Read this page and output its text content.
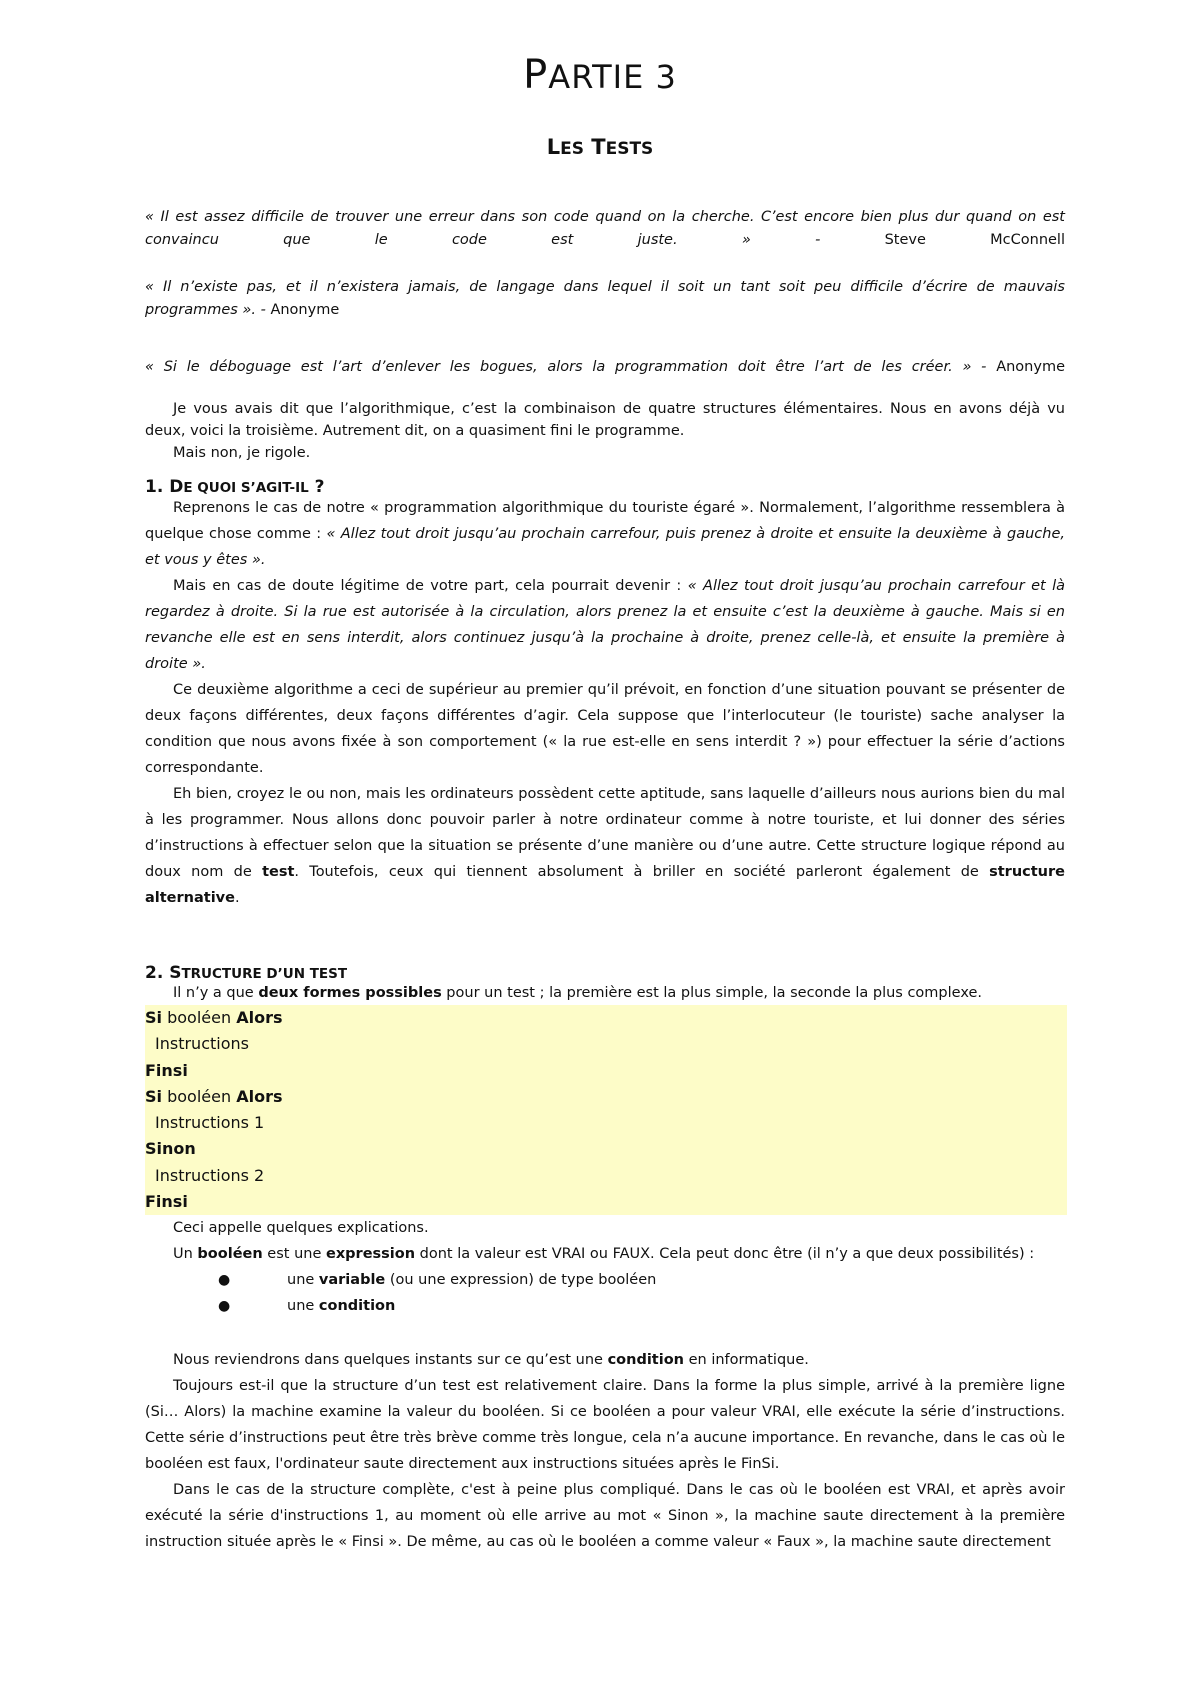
PARTIE 3
LES TESTS

« Il est assez difficile de trouver une erreur dans son code quand on la cherche. C’est encore bien plus dur quand on est convaincu que le code est juste. » -	Steve McConnell

« Il n’existe pas, et il n’existera jamais, de langage dans lequel il soit un tant soit peu difficile d’écrire de mauvais programmes ». - Anonyme

« Si le déboguage est l’art d’enlever les bogues, alors la programmation doit être l’art de les créer. » - Anonyme

Je vous avais dit que l’algorithmique, c’est la combinaison de quatre structures élémentaires. Nous en avons déjà vu deux, voici la troisième. Autrement dit, on a quasiment fini le programme.

Mais non, je rigole.

1. DE QUOI S’AGIT-IL ?

Reprenons le cas de notre « programmation algorithmique du touriste égaré ». Normalement, l’algorithme ressemblera à quelque chose comme : « Allez tout droit jusqu’au prochain carrefour, puis prenez à droite et ensuite la deuxième à gauche, et vous y êtes ».

Mais en cas de doute légitime de votre part, cela pourrait devenir : « Allez tout droit jusqu’au prochain carrefour et là regardez à droite. Si la rue est autorisée à la circulation, alors prenez la et ensuite c’est la deuxième à gauche. Mais si en revanche elle est en sens interdit, alors continuez jusqu’à la prochaine à droite, prenez celle-là, et ensuite la première à droite ».

Ce deuxième algorithme a ceci de supérieur au premier qu’il prévoit, en fonction d’une situation pouvant se présenter de deux façons différentes, deux façons différentes d’agir. Cela suppose que l’interlocuteur (le touriste) sache analyser la condition que nous avons fixée à son comportement (« la rue est-elle en sens interdit ? ») pour effectuer la série d’actions correspondante.

Eh bien, croyez le ou non, mais les ordinateurs possèdent cette aptitude, sans laquelle d’ailleurs nous aurions bien du mal à les programmer. Nous allons donc pouvoir parler à notre ordinateur comme à notre touriste, et lui donner des séries d’instructions à effectuer selon que la situation se présente d’une manière ou d’une autre. Cette structure logique répond au doux nom de test. Toutefois, ceux qui tiennent absolument à briller en société parleront également de structure alternative.

2. STRUCTURE D’UN TEST

Il n’y a que deux formes possibles pour un test ; la première est la plus simple, la seconde la plus complexe.

Si booléen Alors
Instructions
Finsi
Si booléen Alors
Instructions 1
Sinon
Instructions 2
Finsi

Ceci appelle quelques explications.

Un booléen est une expression dont la valeur est VRAI ou FAUX. Cela peut donc être (il n’y a que deux possibilités) :

●	une variable (ou une expression) de type booléen
●	une condition

Nous reviendrons dans quelques instants sur ce qu’est une condition en informatique.

Toujours est-il que la structure d’un test est relativement claire. Dans la forme la plus simple, arrivé à la première ligne (Si… Alors) la machine examine la valeur du booléen. Si ce booléen a pour valeur VRAI, elle exécute la série d’instructions. Cette série d’instructions peut être très brève comme très longue, cela n’a aucune importance. En revanche, dans le cas où le booléen est faux, l'ordinateur saute directement aux instructions situées après le FinSi.

Dans le cas de la structure complète, c'est à peine plus compliqué. Dans le cas où le booléen est VRAI, et après avoir exécuté la série d'instructions 1, au moment où elle arrive au mot « Sinon », la machine saute directement à la première instruction située après le « Finsi ». De même, au cas où le booléen a comme valeur « Faux », la machine saute directement
